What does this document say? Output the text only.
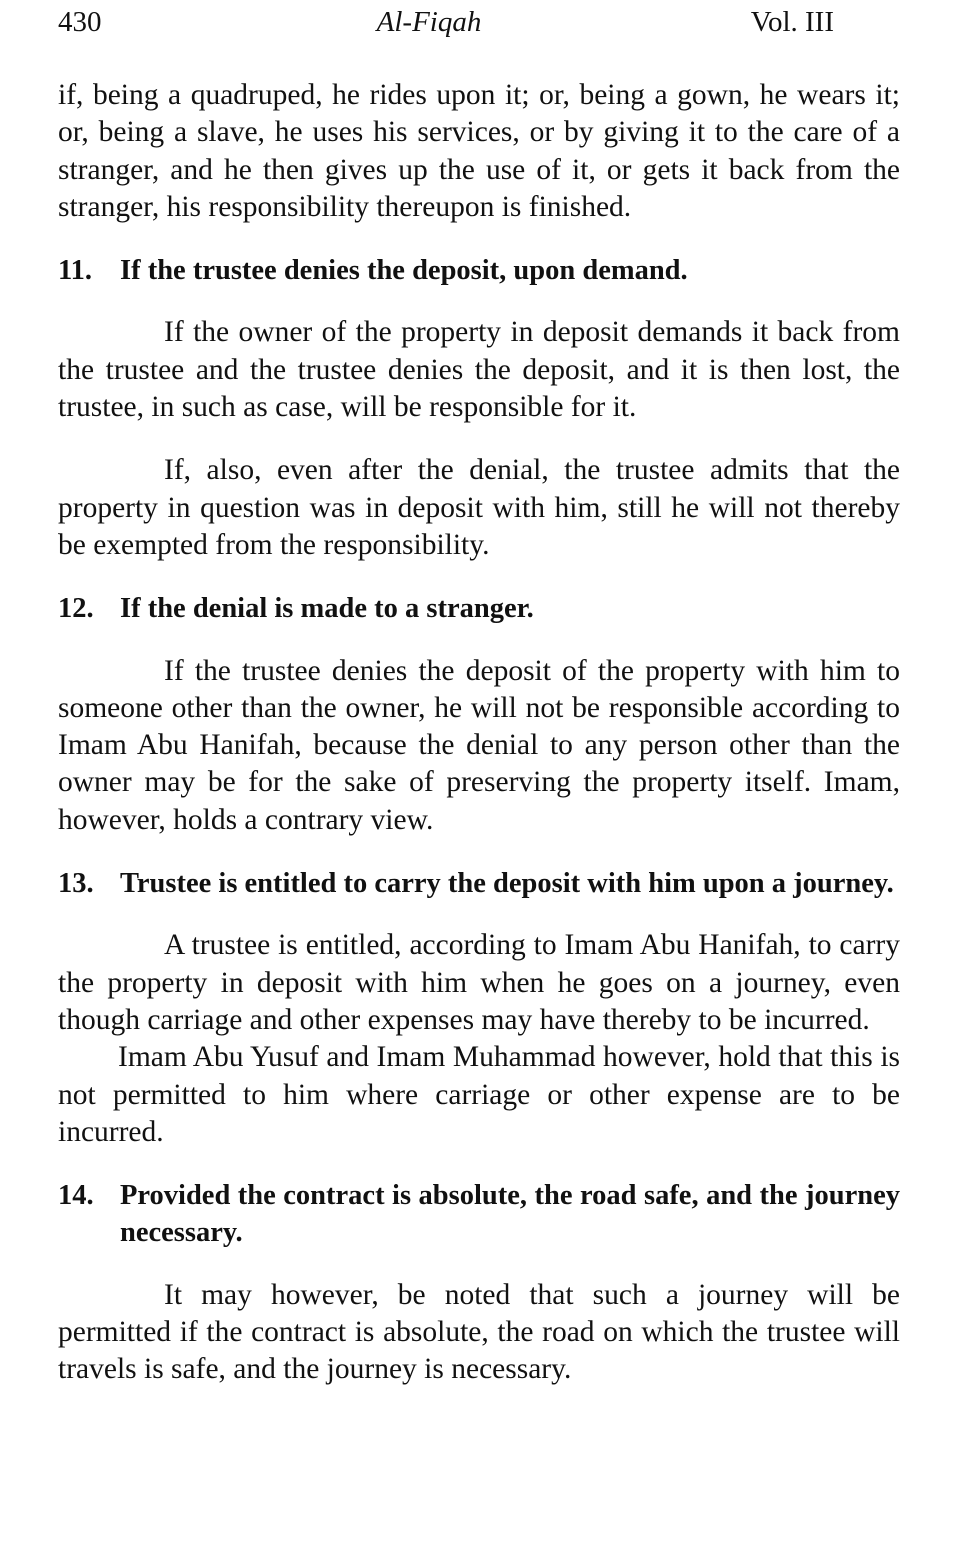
430	Al-Fiqah	Vol. III

if, being a quadruped, he rides upon it; or, being a gown, he wears it; or, being a slave, he uses his services, or by giving it to the care of a stranger, and he then gives up the use of it, or gets it back from the stranger, his responsibility thereupon is finished.

11. If the trustee denies the deposit, upon demand.

If the owner of the property in deposit demands it back from the trustee and the trustee denies the deposit, and it is then lost, the trustee, in such as case, will be responsible for it.

If, also, even after the denial, the trustee admits that the property in question was in deposit with him, still he will not thereby be exempted from the responsibility.

12. If the denial is made to a stranger.

If the trustee denies the deposit of the property with him to someone other than the owner, he will not be responsible according to Imam Abu Hanifah, because the denial to any person other than the owner may be for the sake of preserving the property itself. Imam, however, holds a contrary view.

13. Trustee is entitled to carry the deposit with him upon a journey.

A trustee is entitled, according to Imam Abu Hanifah, to carry the property in deposit with him when he goes on a journey, even though carriage and other expenses may have thereby to be incurred.

Imam Abu Yusuf and Imam Muhammad however, hold that this is not permitted to him where carriage or other expense are to be incurred.

14. Provided the contract is absolute, the road safe, and the journey necessary.

It may however, be noted that such a journey will be permitted if the contract is absolute, the road on which the trustee will travels is safe, and the journey is necessary.
